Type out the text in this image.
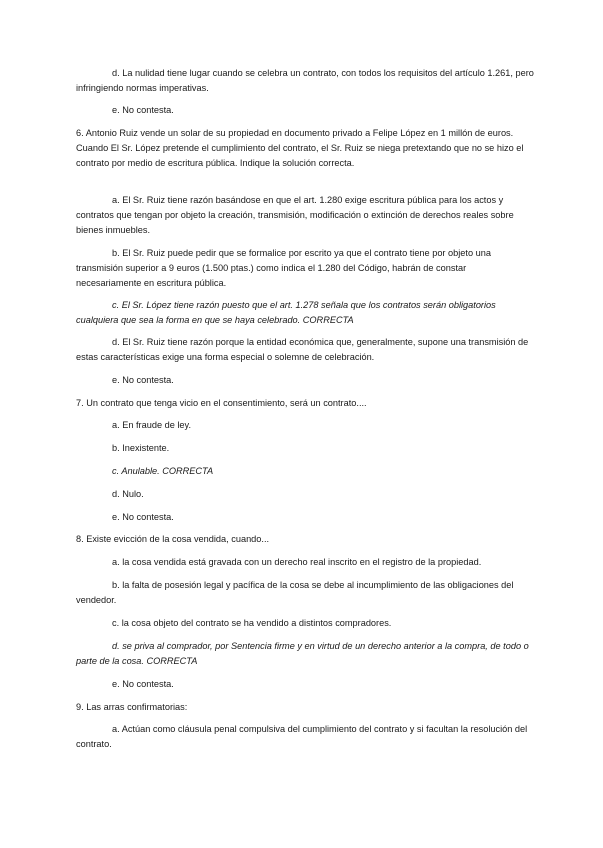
d. La nulidad tiene lugar cuando se celebra un contrato, con todos los requisitos del artículo 1.261, pero infringiendo normas imperativas.

e. No contesta.

6. Antonio Ruiz vende un solar de su propiedad en documento privado a Felipe López en 1 millón de euros. Cuando El Sr. López pretende el cumplimiento del contrato, el Sr. Ruiz se niega pretextando que no se hizo el contrato por medio de escritura pública. Indique la solución correcta.

a. El Sr. Ruiz tiene razón basándose en que el art. 1.280 exige escritura pública para los actos y contratos que tengan por objeto la creación, transmisión, modificación o extinción de derechos reales sobre bienes inmuebles.

b. El Sr. Ruiz puede pedir que se formalice por escrito ya que el contrato tiene por objeto una transmisión superior a 9 euros (1.500 ptas.) como indica el 1.280 del Código, habrán de constar necesariamente en escritura pública.

c. El Sr. López tiene razón puesto que el art. 1.278 señala que los contratos serán obligatorios cualquiera que sea la forma en que se haya celebrado. CORRECTA

d. El Sr. Ruiz tiene razón porque la entidad económica que, generalmente, supone una transmisión de estas características exige una forma especial o solemne de celebración.

e. No contesta.

7. Un contrato que tenga vicio en el consentimiento, será un contrato....

a. En fraude de ley.

b. Inexistente.

c. Anulable. CORRECTA

d. Nulo.

e. No contesta.

8. Existe evicción de la cosa vendida, cuando...

a. la cosa vendida está gravada con un derecho real inscrito en el registro de la propiedad.

b. la falta de posesión legal y pacífica de la cosa se debe al incumplimiento de las obligaciones del vendedor.

c. la cosa objeto del contrato se ha vendido a distintos compradores.

d. se priva al comprador, por Sentencia firme y en virtud de un derecho anterior a la compra, de todo o parte de la cosa. CORRECTA

e. No contesta.

9. Las arras confirmatorias:

a. Actúan como cláusula penal compulsiva del cumplimiento del contrato y si facultan la resolución del contrato.
